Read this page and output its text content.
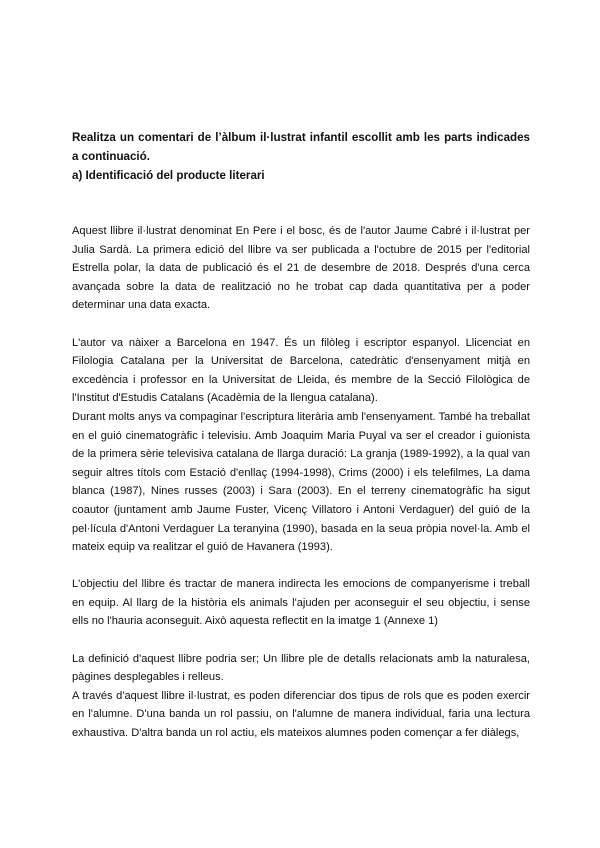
Realitza un comentari de l’àlbum il·lustrat infantil escollit amb les parts indicades a continuació.

a) Identificació del producte literari

Aquest llibre il·lustrat denominat En Pere i el bosc, és de l'autor Jaume Cabré i il·lustrat per Julia Sardà. La primera edició del llibre va ser publicada a l'octubre de 2015 per l'editorial Estrella polar, la data de publicació és el 21 de desembre de 2018. Després d'una cerca avançada sobre la data de realització no he trobat cap dada quantitativa per a poder determinar una data exacta.

L'autor va nàixer a Barcelona en 1947. És un filòleg i escriptor espanyol. Llicenciat en Filologia Catalana per la Universitat de Barcelona, catedràtic d'ensenyament mitjà en excedència i professor en la Universitat de Lleida, és membre de la Secció Filològica de l'Institut d'Estudis Catalans (Acadèmia de la llengua catalana).

Durant molts anys va compaginar l'escriptura literària amb l'ensenyament. També ha treballat en el guió cinematogràfic i televisiu. Amb Joaquim Maria Puyal va ser el creador i guionista de la primera sèrie televisiva catalana de llarga duració: La granja (1989-1992), a la qual van seguir altres títols com Estació d'enllaç (1994-1998), Crims (2000) i els telefilmes, La dama blanca (1987), Nines russes (2003) i Sara (2003). En el terreny cinematogràfic ha sigut coautor (juntament amb Jaume Fuster, Vicenç Villatoro i Antoni Verdaguer) del guió de la pel·lícula d'Antoni Verdaguer La teranyina (1990), basada en la seua pròpia novel·la. Amb el mateix equip va realitzar el guió de Havanera (1993).

L'objectiu del llibre és tractar de manera indirecta les emocions de companyerisme i treball en equip. Al llarg de la història els animals l'ajuden per aconseguir el seu objectiu, i sense ells no l'hauria aconseguit. Això aquesta reflectit en la imatge 1 (Annexe 1)

La definició d'aquest llibre podria ser; Un llibre ple de detalls relacionats amb la naturalesa, pàgines desplegables i relleus.

A través d'aquest llibre il·lustrat, es poden diferenciar dos tipus de rols que es poden exercir en l'alumne. D'una banda un rol passiu, on l'alumne de manera individual, faria una lectura exhaustiva. D'altra banda un rol actiu, els mateixos alumnes poden començar a fer diàlegs,
